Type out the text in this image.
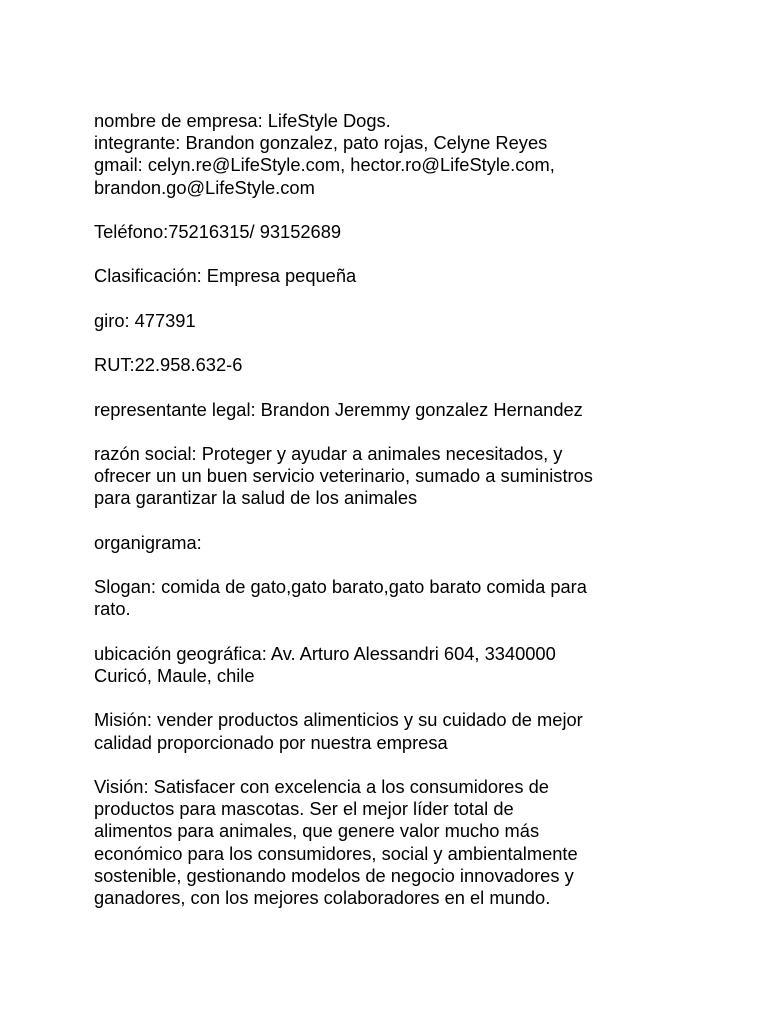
nombre de empresa: LifeStyle Dogs.
integrante: Brandon gonzalez, pato rojas, Celyne Reyes
gmail: celyn.re@LifeStyle.com, hector.ro@LifeStyle.com,
brandon.go@LifeStyle.com
Teléfono:75216315/ 93152689
Clasificación: Empresa pequeña
giro: 477391
RUT:22.958.632-6
representante legal: Brandon Jeremmy gonzalez Hernandez
razón social: Proteger y ayudar a animales necesitados, y
ofrecer un un buen servicio veterinario, sumado a suministros
para garantizar la salud de los animales
organigrama:
Slogan: comida de gato,gato barato,gato barato comida para
rato.
ubicación geográfica: Av. Arturo Alessandri 604, 3340000
Curicó, Maule, chile
Misión: vender productos alimenticios y su cuidado de mejor
calidad proporcionado por nuestra empresa
Visión: Satisfacer con excelencia a los consumidores de
productos para mascotas. Ser el mejor líder total de
alimentos para animales, que genere valor mucho más
económico para los consumidores, social y ambientalmente
sostenible, gestionando modelos de negocio innovadores y
ganadores, con los mejores colaboradores en el mundo.
